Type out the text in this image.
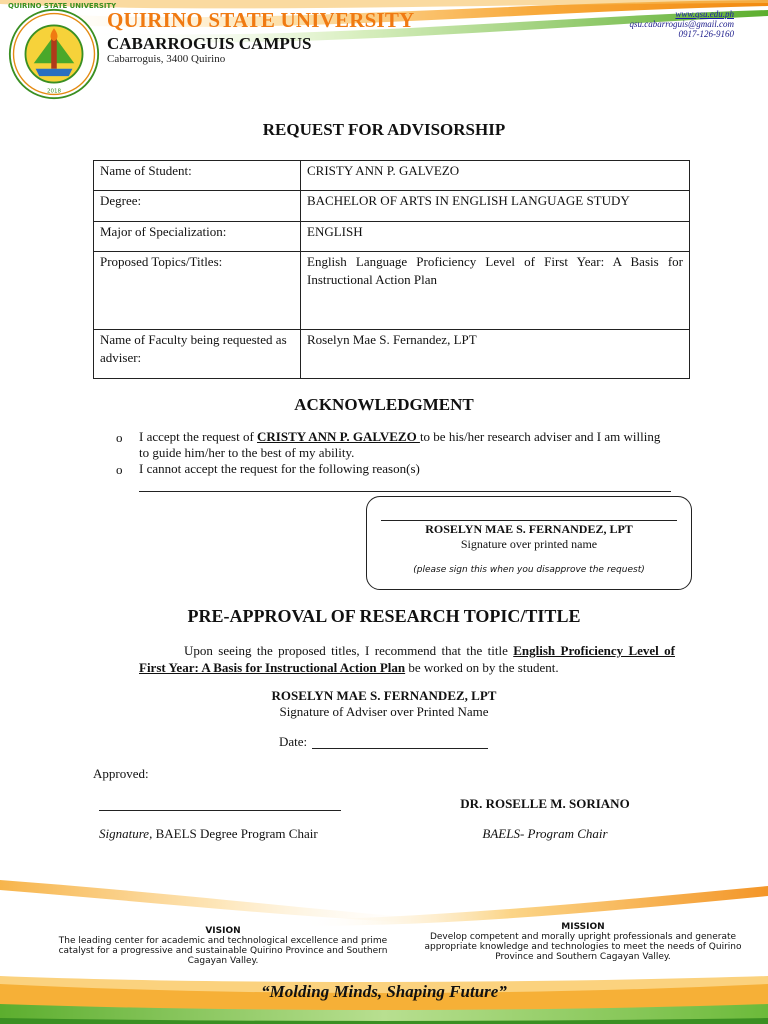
QUIRINO STATE UNIVERSITY
2018
QUIRINO STATE UNIVERSITY
CABARROGUIS CAMPUS
Cabarroguis, 3400 Quirino
www.qsu.edu.ph
qsu.cabarroguis@gmail.com
0917-126-9160
REQUEST FOR ADVISORSHIP
Name of Student:	CRISTY ANN P. GALVEZO
Degree:	BACHELOR OF ARTS IN ENGLISH LANGUAGE STUDY
Major of Specialization:	ENGLISH
Proposed Topics/Titles:	English Language Proficiency Level of First Year: A Basis for Instructional Action Plan
Name of Faculty being requested as adviser:	Roselyn Mae S. Fernandez, LPT
ACKNOWLEDGMENT
o I accept the request of CRISTY ANN P. GALVEZO to be his/her research adviser and I am willing to guide him/her to the best of my ability.
o I cannot accept the request for the following reason(s)
ROSELYN MAE S. FERNANDEZ, LPT
Signature over printed name
(please sign this when you disapprove the request)
PRE-APPROVAL OF RESEARCH TOPIC/TITLE
Upon seeing the proposed titles, I recommend that the title English Proficiency Level of First Year: A Basis for Instructional Action Plan be worked on by the student.
ROSELYN MAE S. FERNANDEZ, LPT
Signature of Adviser over Printed Name
Date:
Approved:
Signature, BAELS Degree Program Chair
DR. ROSELLE M. SORIANO
BAELS- Program Chair
VISION
The leading center for academic and technological excellence and prime catalyst for a progressive and sustainable Quirino Province and Southern Cagayan Valley.
MISSION
Develop competent and morally upright professionals and generate appropriate knowledge and technologies to meet the needs of Quirino Province and Southern Cagayan Valley.
“Molding Minds, Shaping Future”
